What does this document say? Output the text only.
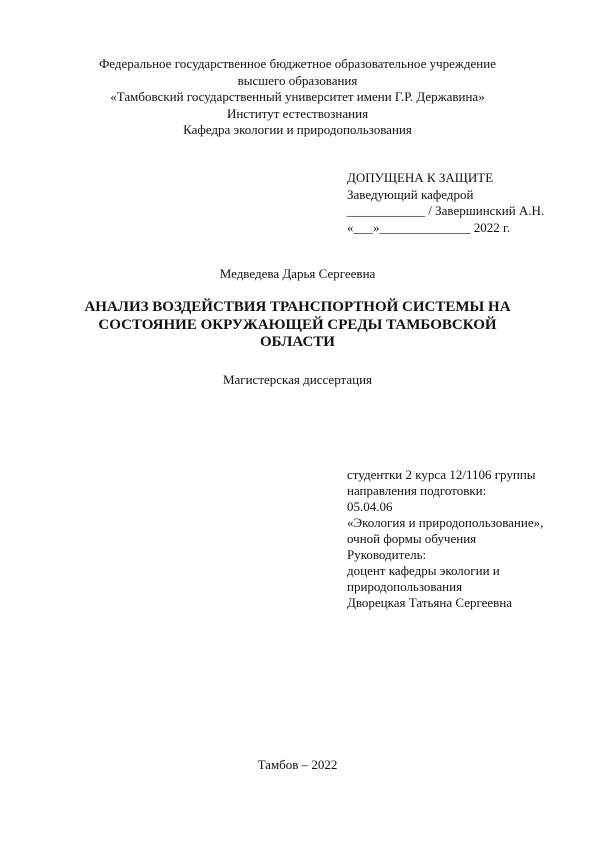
Федеральное государственное бюджетное образовательное учреждение
высшего образования
«Тамбовский государственный университет имени Г.Р. Державина»
Институт естествознания
Кафедра экологии и природопользования
ДОПУЩЕНА К ЗАЩИТЕ
Заведующий кафедрой
____________ / Завершинский А.Н.
«___»______________ 2022 г.
Медведева Дарья Сергеевна
АНАЛИЗ ВОЗДЕЙСТВИЯ ТРАНСПОРТНОЙ СИСТЕМЫ НА
СОСТОЯНИЕ ОКРУЖАЮЩЕЙ СРЕДЫ ТАМБОВСКОЙ
ОБЛАСТИ
Магистерская диссертация
студентки 2 курса 12/1106 группы
направления подготовки:
05.04.06
«Экология и природопользование»,
очной формы обучения
Руководитель:
доцент кафедры экологии и
природопользования
Дворецкая Татьяна Сергеевна
Тамбов – 2022
